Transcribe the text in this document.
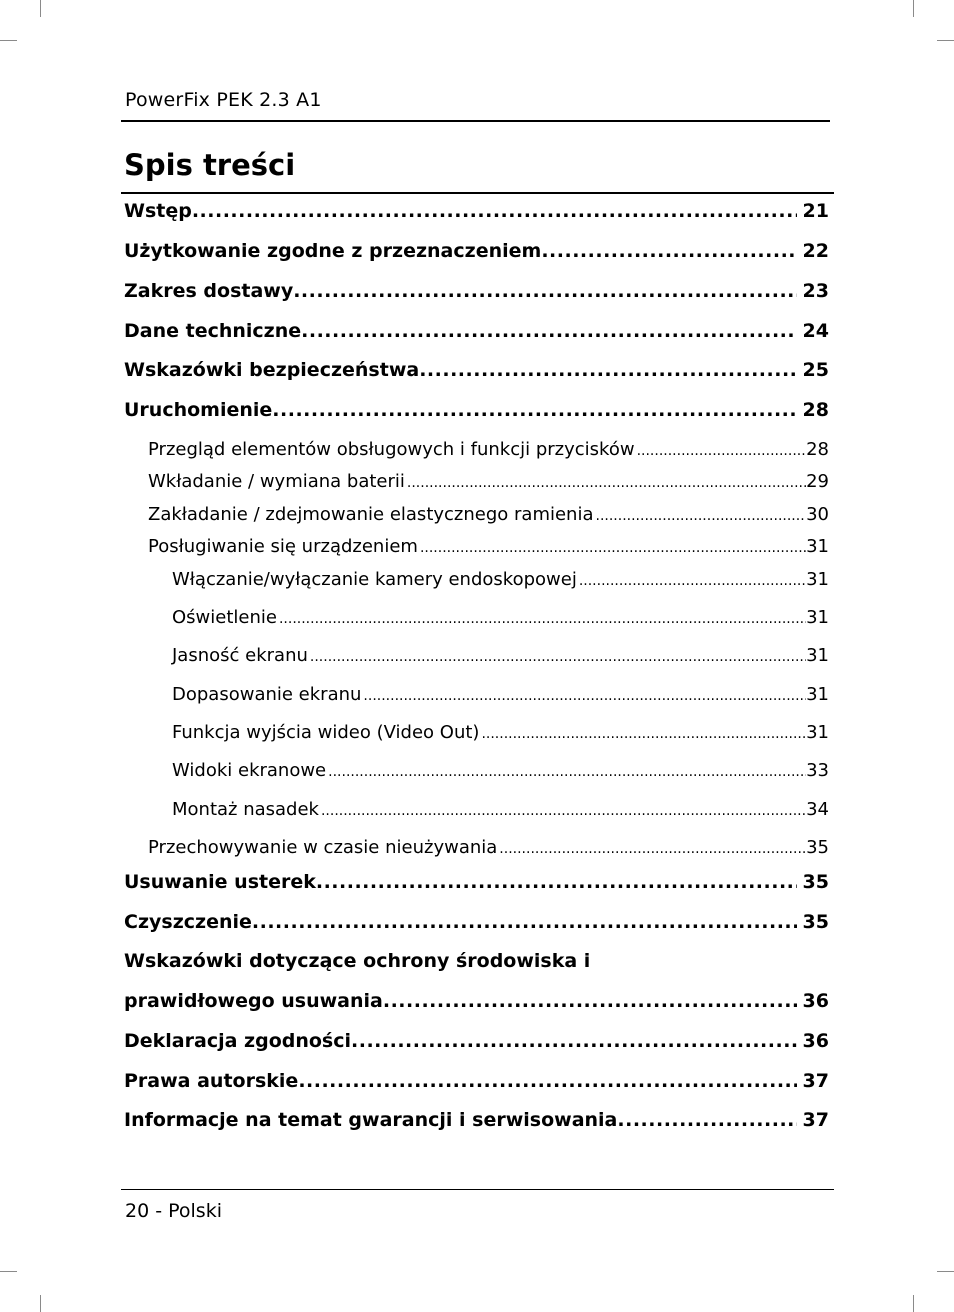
PowerFix PEK 2.3 A1
Spis treści
Wstęp .....	21
Użytkowanie zgodne z przeznaczeniem .....	22
Zakres dostawy .....	23
Dane techniczne .....	24
Wskazówki bezpieczeństwa .....	25
Uruchomienie .....	28
Przegląd elementów obsługowych i funkcji przycisków .....	28
Wkładanie / wymiana baterii .....	29
Zakładanie / zdejmowanie elastycznego ramienia .....	30
Posługiwanie się urządzeniem .....	31
Włączanie/wyłączanie kamery endoskopowej .....	31
Oświetlenie .....	31
Jasność ekranu .....	31
Dopasowanie ekranu .....	31
Funkcja wyjścia wideo (Video Out) .....	31
Widoki ekranowe .....	33
Montaż nasadek .....	34
Przechowywanie w czasie nieużywania .....	35
Usuwanie usterek .....	35
Czyszczenie .....	35
Wskazówki dotyczące ochrony środowiska i
prawidłowego usuwania .....	36
Deklaracja zgodności .....	36
Prawa autorskie .....	37
Informacje na temat gwarancji i serwisowania .....	37
20 - Polski
